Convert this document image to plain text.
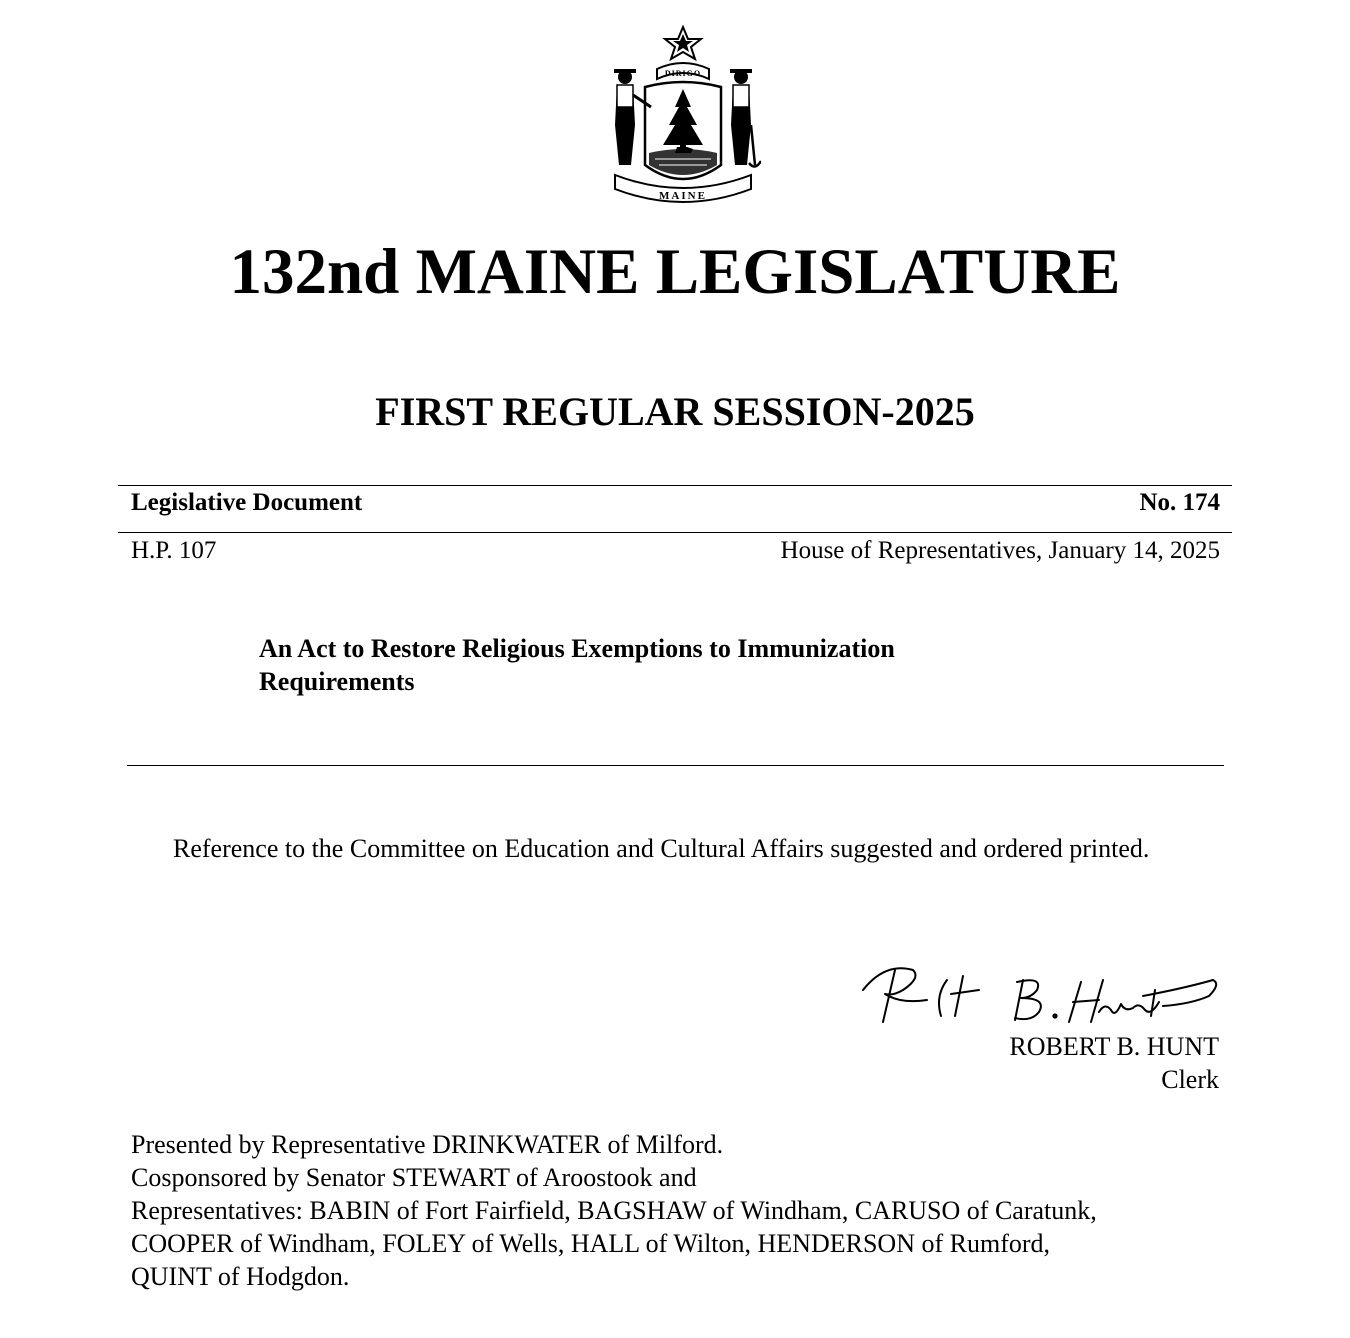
DIRIGO
MAINE
132nd MAINE LEGISLATURE
FIRST REGULAR SESSION-2025
Legislative Document	No. 174
H.P. 107	House of Representatives, January 14, 2025
An Act to Restore Religious Exemptions to Immunization
Requirements
Reference to the Committee on Education and Cultural Affairs suggested and ordered printed.
ROBERT B. HUNT
Clerk
Presented by Representative DRINKWATER of Milford.
Cosponsored by Senator STEWART of Aroostook and
Representatives: BABIN of Fort Fairfield, BAGSHAW of Windham, CARUSO of Caratunk,
COOPER of Windham, FOLEY of Wells, HALL of Wilton, HENDERSON of Rumford,
QUINT of Hodgdon.
